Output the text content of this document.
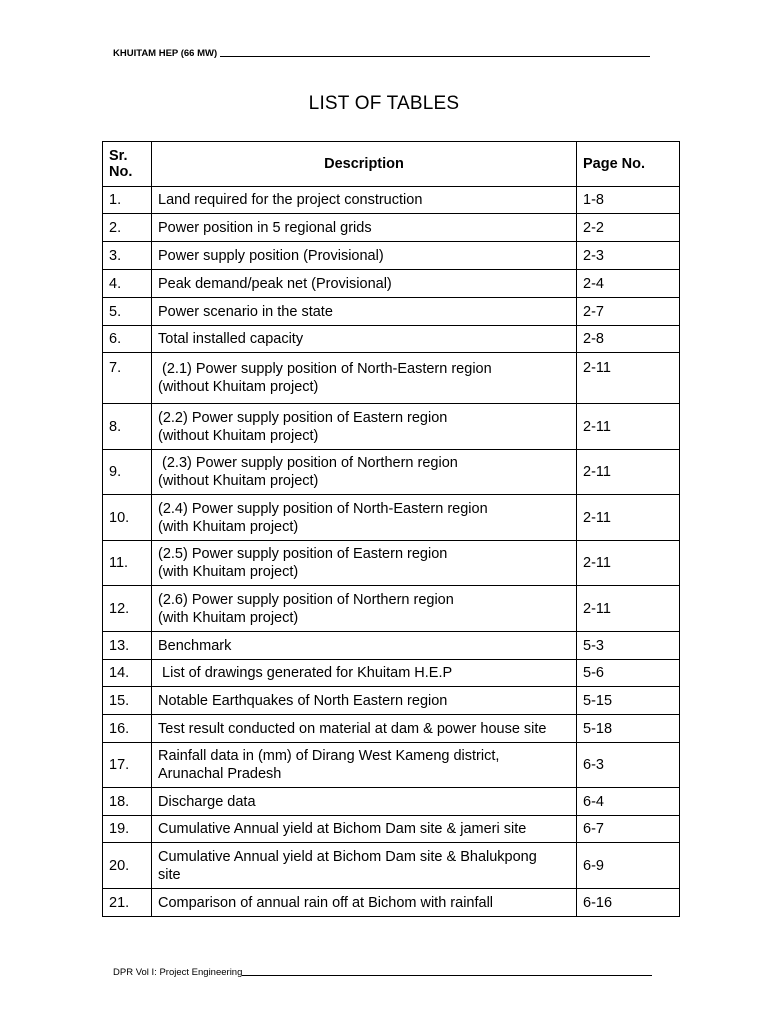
KHUITAM HEP (66 MW)
LIST OF TABLES
Sr. No.	Description	Page No.
1.	Land required for the project construction	1-8
2.	Power position in 5 regional grids	2-2
3.	Power supply position (Provisional)	2-3
4.	Peak demand/peak net (Provisional)	2-4
5.	Power scenario in the state	2-7
6.	Total installed capacity	2-8
7.	(2.1) Power supply position of North-Eastern region
(without Khuitam project)	2-11
8.	(2.2) Power supply position of Eastern region
(without Khuitam project)	2-11
9.	(2.3) Power supply position of Northern region
(without Khuitam project)	2-11
10.	(2.4) Power supply position of North-Eastern region
(with Khuitam project)	2-11
11.	(2.5) Power supply position of Eastern region
(with Khuitam project)	2-11
12.	(2.6) Power supply position of Northern region
(with Khuitam project)	2-11
13.	Benchmark	5-3
14.	List of drawings generated for Khuitam H.E.P	5-6
15.	Notable Earthquakes of North Eastern region	5-15
16.	Test result conducted on material at dam & power house site	5-18
17.	Rainfall data in (mm) of Dirang West Kameng district,
Arunachal Pradesh	6-3
18.	Discharge data	6-4
19.	Cumulative Annual yield at Bichom Dam site & jameri site	6-7
20.	Cumulative Annual yield at Bichom Dam site & Bhalukpong
site	6-9
21.	Comparison of annual rain off at Bichom with rainfall	6-16
DPR Vol I: Project Engineering
